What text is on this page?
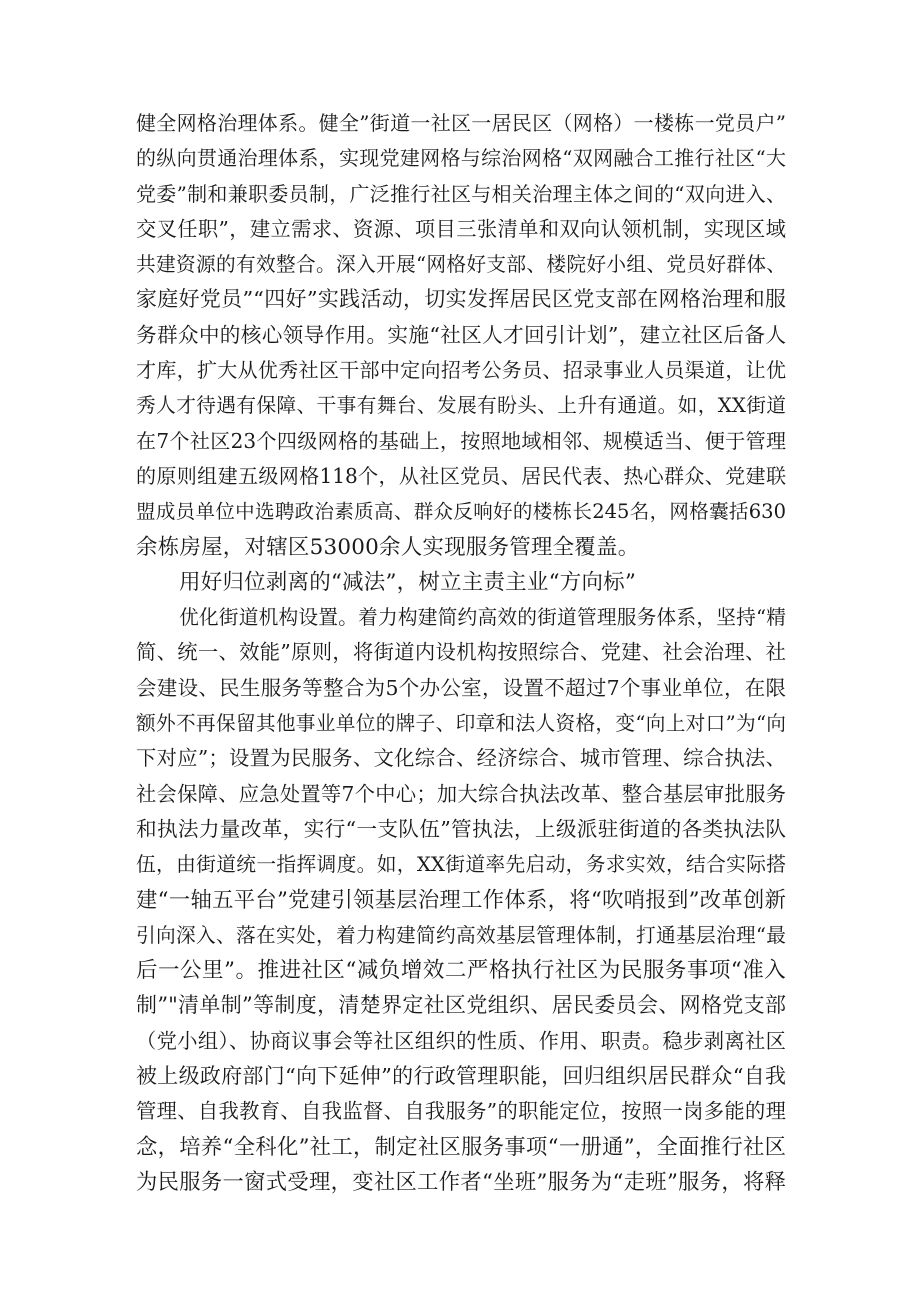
健全网格治理体系。健全”街道一社区一居民区（网格）一楼栋一党员户”
的纵向贯通治理体系，实现党建网格与综治网格“双网融合工推行社区“大
党委”制和兼职委员制，广泛推行社区与相关治理主体之间的“双向进入、
交叉任职”，建立需求、资源、项目三张清单和双向认领机制，实现区域
共建资源的有效整合。深入开展“网格好支部、楼院好小组、党员好群体、
家庭好党员”“四好”实践活动，切实发挥居民区党支部在网格治理和服
务群众中的核心领导作用。实施“社区人才回引计划”，建立社区后备人
才库，扩大从优秀社区干部中定向招考公务员、招录事业人员渠道，让优
秀人才待遇有保障、干事有舞台、发展有盼头、上升有通道。如，XX街道
在7个社区23个四级网格的基础上，按照地域相邻、规模适当、便于管理
的原则组建五级网格118个，从社区党员、居民代表、热心群众、党建联
盟成员单位中选聘政治素质高、群众反响好的楼栋长245名，网格囊括630
余栋房屋，对辖区53000余人实现服务管理全覆盖。
用好归位剥离的“减法”，树立主责主业“方向标”
优化街道机构设置。着力构建简约高效的街道管理服务体系，坚持“精
简、统一、效能”原则，将街道内设机构按照综合、党建、社会治理、社
会建设、民生服务等整合为5个办公室，设置不超过7个事业单位，在限
额外不再保留其他事业单位的牌子、印章和法人资格，变“向上对口”为“向
下对应”；设置为民服务、文化综合、经济综合、城市管理、综合执法、
社会保障、应急处置等7个中心；加大综合执法改革、整合基层审批服务
和执法力量改革，实行“一支队伍”管执法，上级派驻街道的各类执法队
伍，由街道统一指挥调度。如，XX街道率先启动，务求实效，结合实际搭
建“一轴五平台”党建引领基层治理工作体系，将“吹哨报到”改革创新
引向深入、落在实处，着力构建简约高效基层管理体制，打通基层治理“最
后一公里”。推进社区“减负增效二严格执行社区为民服务事项“准入
制”"清单制”等制度，清楚界定社区党组织、居民委员会、网格党支部
（党小组）、协商议事会等社区组织的性质、作用、职责。稳步剥离社区
被上级政府部门“向下延伸”的行政管理职能，回归组织居民群众“自我
管理、自我教育、自我监督、自我服务”的职能定位，按照一岗多能的理
念，培养“全科化”社工，制定社区服务事项“一册通”，全面推行社区
为民服务一窗式受理，变社区工作者“坐班”服务为“走班”服务，将释
